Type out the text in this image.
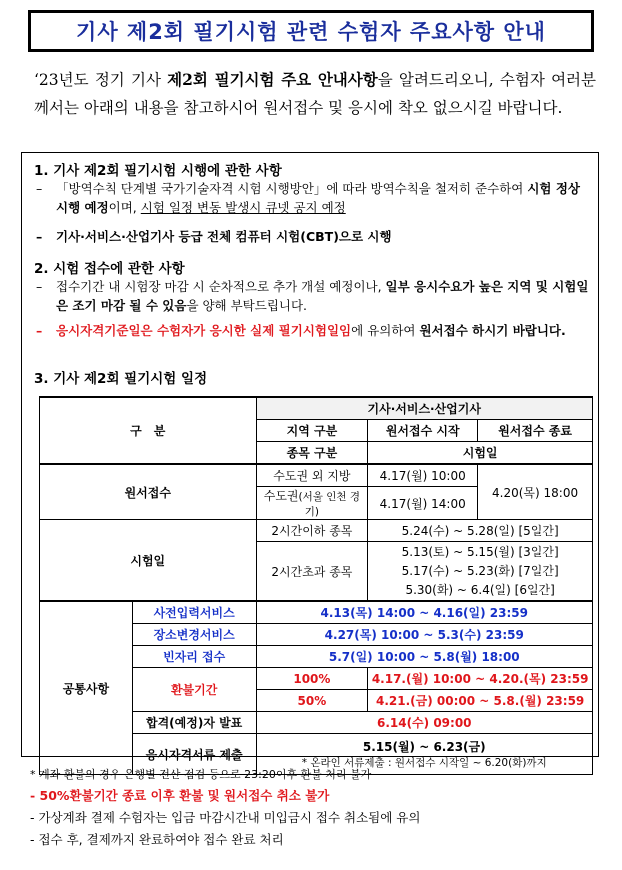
기사 제2회 필기시험 관련 수험자 주요사항 안내
‘23년도 정기 기사 제2회 필기시험 주요 안내사항을 알려드리오니, 수험자 여러분께서는 아래의 내용을 참고하시어 원서접수 및 응시에 착오 없으시길 바랍니다.
1. 기사 제2회 필기시험 시행에 관한 사항
– 「방역수칙 단계별 국가기술자격 시험 시행방안」에 따라 방역수칙을 철저히 준수하여 시험 정상 시행 예정이며, 시험 일정 변동 발생시 큐넷 공지 예정
– 기사·서비스·산업기사 등급 전체 컴퓨터 시험(CBT)으로 시행
2. 시험 접수에 관한 사항
– 접수기간 내 시험장 마감 시 순차적으로 추가 개설 예정이나, 일부 응시수요가 높은 지역 및 시험일은 조기 마감 될 수 있음을 양해 부탁드립니다.
– 응시자격기준일은 수험자가 응시한 실제 필기시험일임에 유의하여 원서접수 하시기 바랍니다.
3. 기사 제2회 필기시험 일정
구　분		기사·서비스·산업기사		
		지역 구분	원서접수 시작	원서접수 종료
		종목 구분	시험일	
원서접수		수도권 외 지방	4.17(월) 10:00	4.20(목) 18:00
		수도권(서울 인천 경기)	4.17(월) 14:00	
시험일		2시간이하 종목	5.24(수) ~ 5.28(일) [5일간]	
		2시간초과 종목	5.13(토) ~ 5.15(월) [3일간]
5.17(수) ~ 5.23(화) [7일간]
5.30(화) ~ 6.4(일) [6일간]	

공통사항	사전입력서비스	4.13(목) 14:00 ~ 4.16(일) 23:59		
	장소변경서비스	4.27(목) 10:00 ~ 5.3(수) 23:59		
	빈자리 접수	5.7(일) 10:00 ~ 5.8(월) 18:00		
	환불기간	100%	4.17.(월) 10:00 ~ 4.20.(목) 23:59	
		50%	4.21.(금) 00:00 ~ 5.8.(월) 23:59	
	합격(예정)자 발표	6.14(수) 09:00		
	응시자격서류 제출	5.15(월) ~ 6.23(금)
* 온라인 서류제출 : 원서접수 시작일 ~ 6.20(화)까지		
* 계좌 환불의 경우 은행별 전산 점검 등으로 23:20이후 환불 처리 불가
- 50%환불기간 종료 이후 환불 및 원서접수 취소 불가
- 가상계좌 결제 수험자는 입금 마감시간내 미입금시 접수 취소됨에 유의
- 접수 후, 결제까지 완료하여야 접수 완료 처리
